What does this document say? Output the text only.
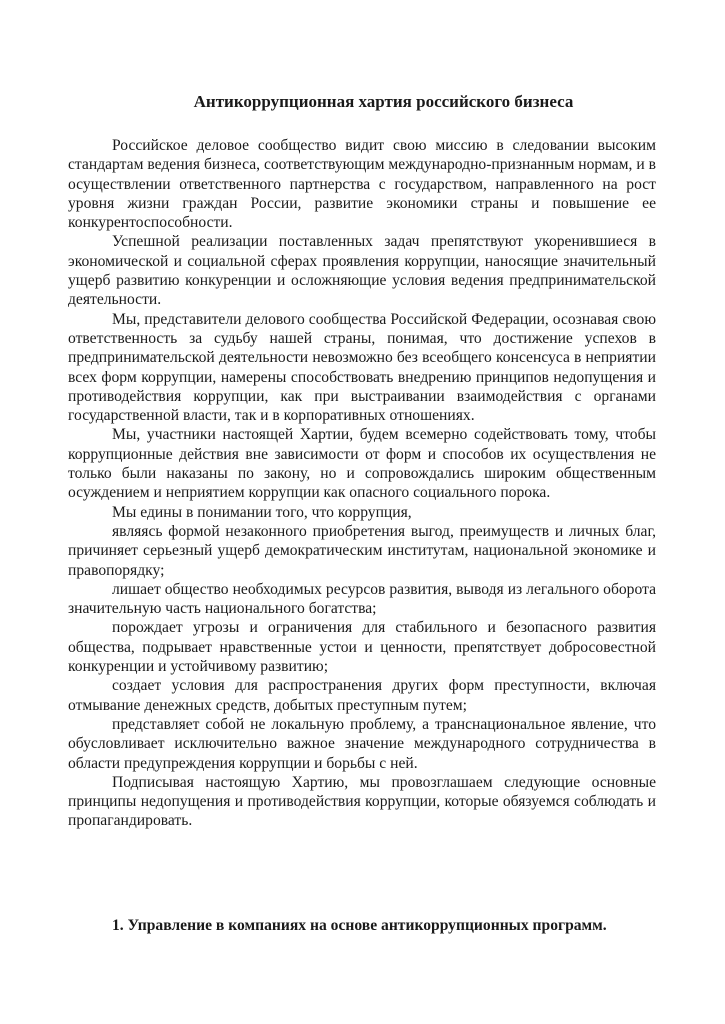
Антикоррупционная хартия российского бизнеса

Российское деловое сообщество видит свою миссию в следовании высоким стандартам ведения бизнеса, соответствующим международно-признанным нормам, и в осуществлении ответственного партнерства с государством, направленного на рост уровня жизни граждан России, развитие экономики страны и повышение ее конкурентоспособности.

Успешной реализации поставленных задач препятствуют укоренившиеся в экономической и социальной сферах проявления коррупции, наносящие значительный ущерб развитию конкуренции и осложняющие условия ведения предпринимательской деятельности.

Мы, представители делового сообщества Российской Федерации, осознавая свою ответственность за судьбу нашей страны, понимая, что достижение успехов в предпринимательской деятельности невозможно без всеобщего консенсуса в неприятии всех форм коррупции, намерены способствовать внедрению принципов недопущения и противодействия коррупции, как при выстраивании взаимодействия с органами государственной власти, так и в корпоративных отношениях.

Мы, участники настоящей Хартии, будем всемерно содействовать тому, чтобы коррупционные действия вне зависимости от форм и способов их осуществления не только были наказаны по закону, но и сопровождались широким общественным осуждением и неприятием коррупции как опасного социального порока.

Мы едины в понимании того, что коррупция,

являясь формой незаконного приобретения выгод, преимуществ и личных благ, причиняет серьезный ущерб демократическим институтам, национальной экономике и правопорядку;

лишает общество необходимых ресурсов развития, выводя из легального оборота значительную часть национального богатства;

порождает угрозы и ограничения для стабильного и безопасного развития общества, подрывает нравственные устои и ценности, препятствует добросовестной конкуренции и устойчивому развитию;

создает условия для распространения других форм преступности, включая отмывание денежных средств, добытых преступным путем;

представляет собой не локальную проблему, а транснациональное явление, что обусловливает исключительно важное значение международного сотрудничества в области предупреждения коррупции и борьбы с ней.

Подписывая настоящую Хартию, мы провозглашаем следующие основные принципы недопущения и противодействия коррупции, которые обязуемся соблюдать и пропагандировать.

1. Управление в компаниях на основе антикоррупционных программ.
